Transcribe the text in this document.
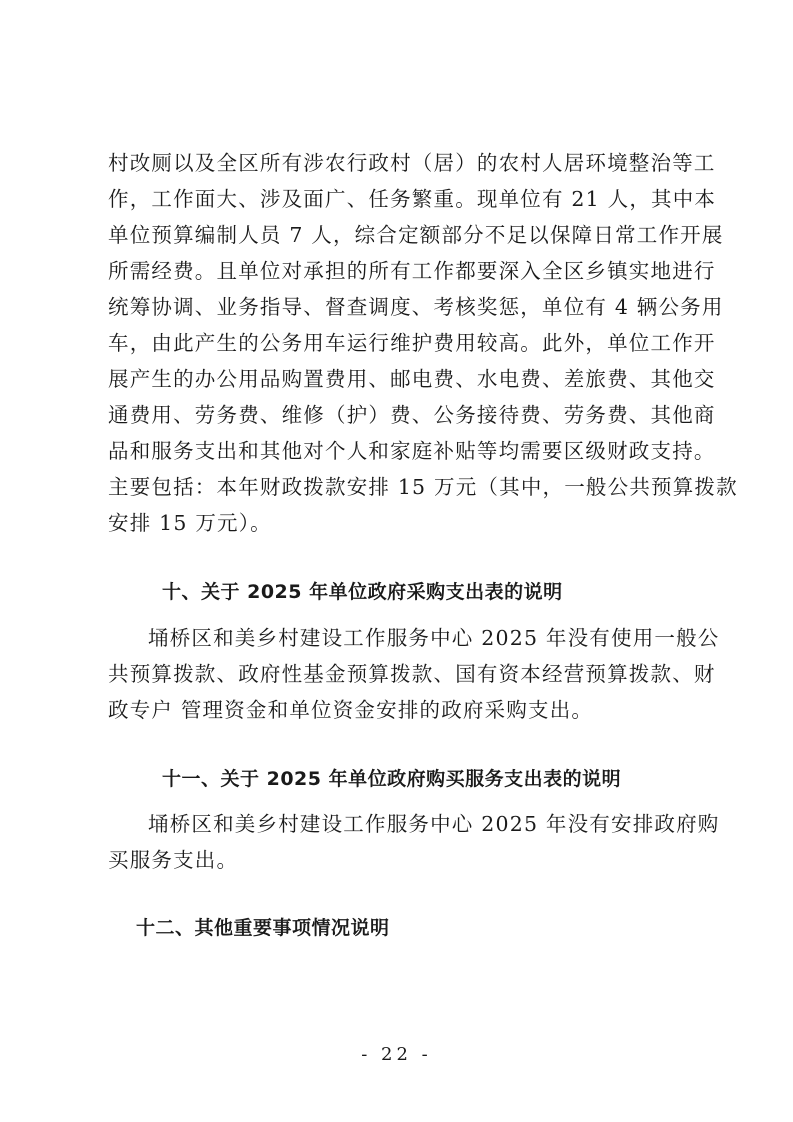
村改厕以及全区所有涉农行政村（居）的农村人居环境整治等工

作，工作面大、涉及面广、任务繁重。现单位有 21 人，其中本

单位预算编制人员 7 人，综合定额部分不足以保障日常工作开展

所需经费。且单位对承担的所有工作都要深入全区乡镇实地进行

统筹协调、业务指导、督查调度、考核奖惩，单位有 4 辆公务用

车，由此产生的公务用车运行维护费用较高。此外，单位工作开

展产生的办公用品购置费用、邮电费、水电费、差旅费、其他交

通费用、劳务费、维修（护）费、公务接待费、劳务费、其他商

品和服务支出和其他对个人和家庭补贴等均需要区级财政支持。

主要包括：本年财政拨款安排 15 万元（其中，一般公共预算拨款

安排 15 万元）。

十、关于 2025 年单位政府采购支出表的说明

埇桥区和美乡村建设工作服务中心 2025 年没有使用一般公

共预算拨款、政府性基金预算拨款、国有资本经营预算拨款、财

政专户 管理资金和单位资金安排的政府采购支出。

十一、关于 2025 年单位政府购买服务支出表的说明

埇桥区和美乡村建设工作服务中心 2025 年没有安排政府购

买服务支出。

十二、其他重要事项情况说明

- 22 -
